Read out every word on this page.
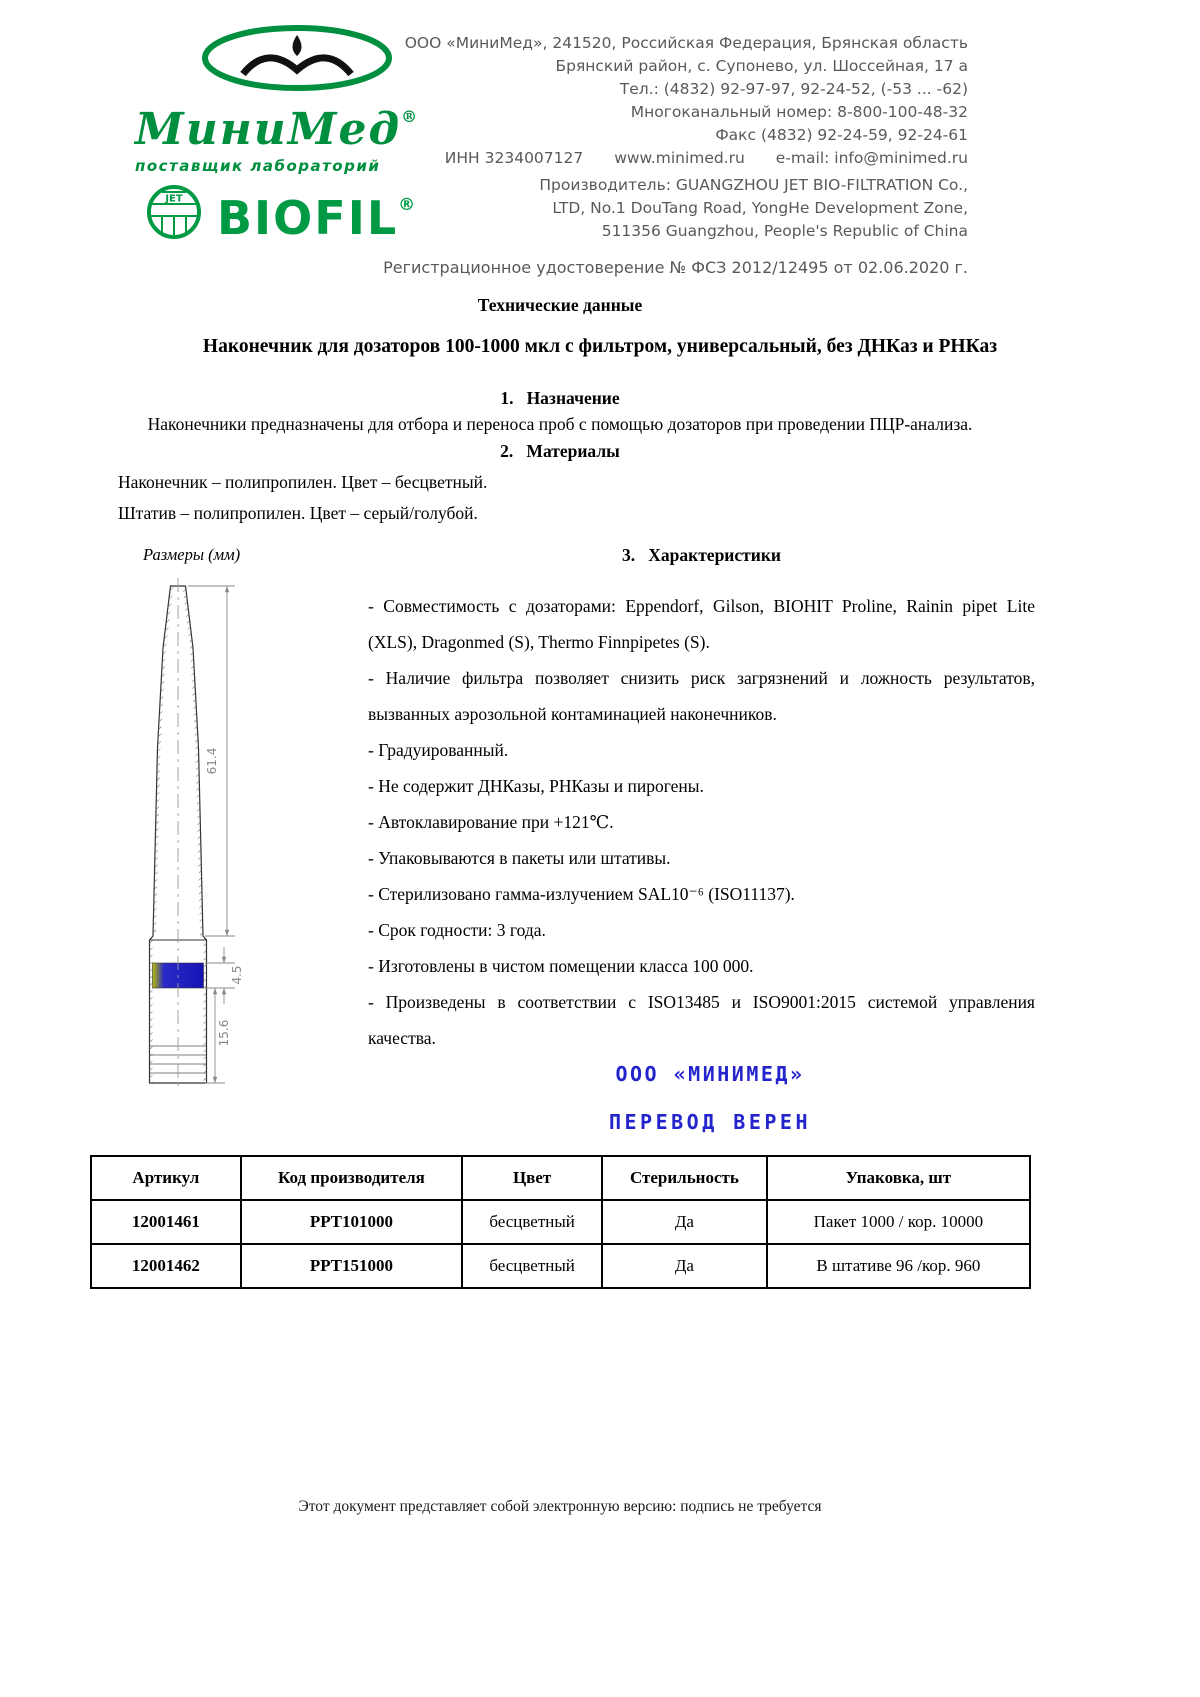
МиниМед®
поставщик лабораторий
ООО «МиниМед», 241520, Российская Федерация, Брянская область
Брянский район, с. Супонево, ул. Шоссейная, 17 а
Тел.: (4832) 92-97-97, 92-24-52, (-53 ... -62)
Многоканальный номер: 8-800-100-48-32
Факс (4832) 92-24-59, 92-24-61
ИНН 3234007127 www.minimed.ru e-mail: info@minimed.ru
JET BIOFIL®
Производитель: GUANGZHOU JET BIO-FILTRATION Co.,
LTD, No.1 DouTang Road, YongHe Development Zone,
511356 Guangzhou, People's Republic of China
Регистрационное удостоверение № ФСЗ 2012/12495 от 02.06.2020 г.
Технические данные
Наконечник для дозаторов 100-1000 мкл с фильтром, универсальный, без ДНКаз и РНКаз
1.   Назначение
Наконечники предназначены для отбора и переноса проб с помощью дозаторов при проведении ПЦР-анализа.
2.   Материалы
Наконечник – полипропилен. Цвет – бесцветный.
Штатив – полипропилен. Цвет – серый/голубой.
Размеры (мм)	3.   Характеристики
- Совместимость с дозаторами: Eppendorf, Gilson, BIOHIT Proline, Rainin pipet Lite (XLS), Dragonmed (S), Thermo Finnpipetes (S).
- Наличие фильтра позволяет снизить риск загрязнений и ложность результатов, вызванных аэрозольной контаминацией наконечников.
- Градуированный.
- Не содержит ДНКазы, РНКазы и пирогены.
- Автоклавирование при +121℃.
- Упаковываются в пакеты или штативы.
- Стерилизовано гамма-излучением SAL10⁻⁶ (ISO11137).
- Срок годности: 3 года.
- Изготовлены в чистом помещении класса 100 000.
- Произведены в соответствии с ISO13485 и ISO9001:2015 системой управления качества.
61.4
4.5
15.6
ООО «МИНИМЕД»
ПЕРЕВОД ВЕРЕН
Артикул	Код производителя	Цвет	Стерильность	Упаковка, шт
12001461	PPT101000	бесцветный	Да	Пакет 1000 / кор. 10000
12001462	PPT151000	бесцветный	Да	В штативе 96 /кор. 960
Этот документ представляет собой электронную версию: подпись не требуется
